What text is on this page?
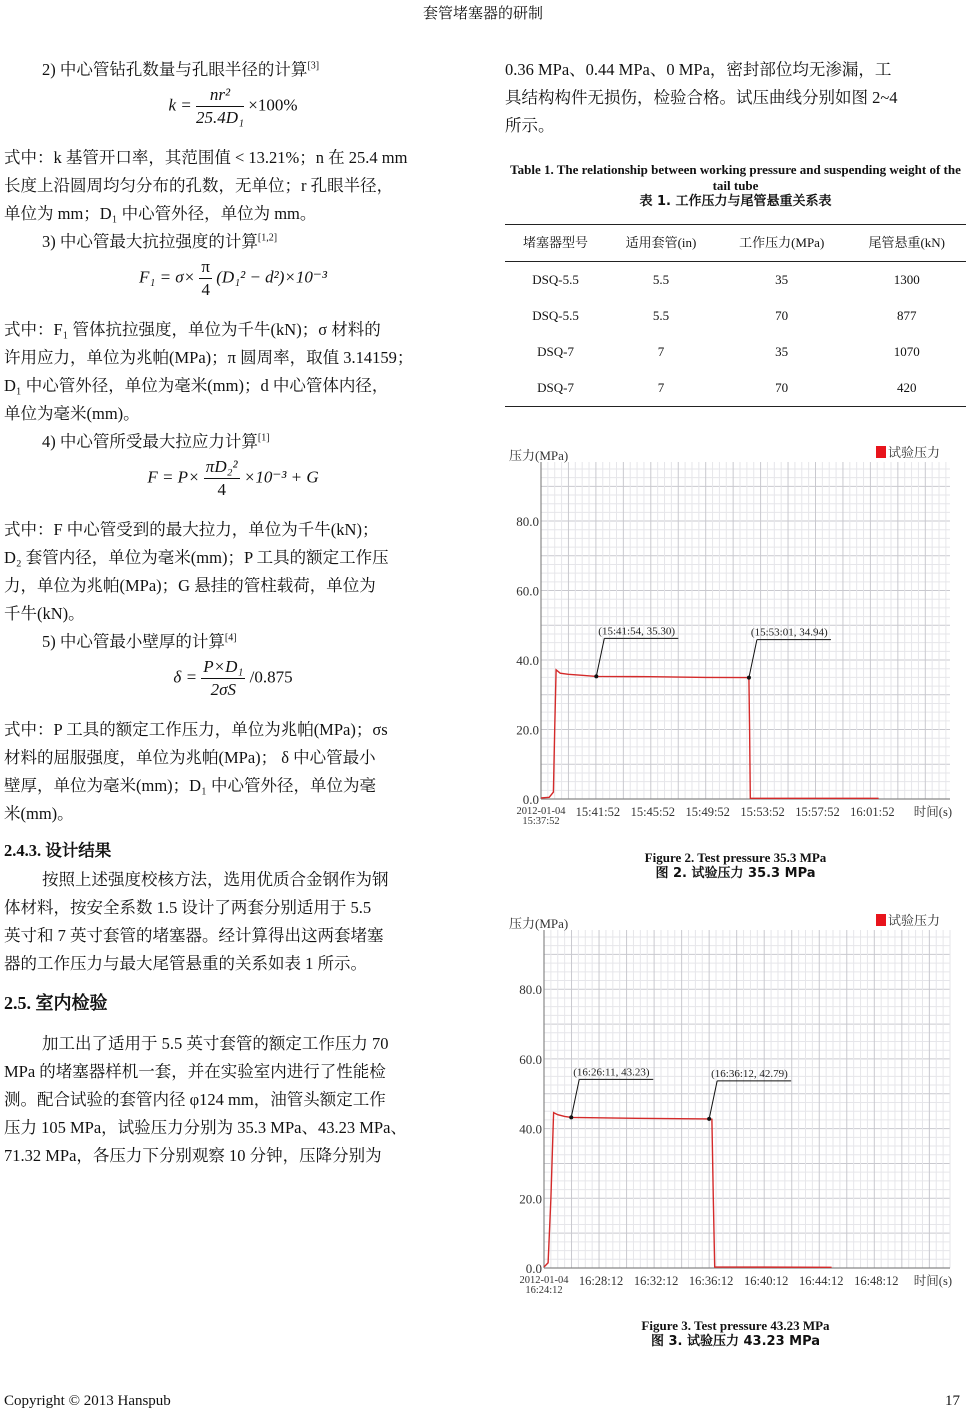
套管堵塞器的研制

2) 中心管钻孔数量与孔眼半径的计算[3]

$k = \frac{\text{nr²}}{\text{25.4D₁}} \times 100\%$

式中：k 基管开口率，其范围值 < 13.21%；n 在 25.4 mm

长度上沿圆周均匀分布的孔数，无单位；r 孔眼半径，

单位为 mm；D₁ 中心管外径，单位为 mm。

3) 中心管最大抗拉强度的计算[1,2]

$F_1 = \sigma\times \frac{\pi}{4} (D_1^2 - d^2)\times 10^{-3}$

式中：F₁ 管体抗拉强度，单位为千牛(kN)；σ 材料的

许用应力，单位为兆帕(MPa)；π 圆周率，取值 3.14159；

D₁ 中心管外径，单位为毫米(mm)；d 中心管体内径，

单位为毫米(mm)。

4) 中心管所受最大拉应力计算[1]

$F = P\times \frac{\text{πD₂²}}{4} \times 10^{-3} + G$

式中：F 中心管受到的最大拉力，单位为千牛(kN)；

D₂ 套管内径，单位为毫米(mm)；P 工具的额定工作压

力，单位为兆帕(MPa)；G 悬挂的管柱载荷，单位为

千牛(kN)。

5) 中心管最小壁厚的计算[4]

$\delta = \frac{\text{P×D₁}}{2\sigma S} /0.875$

式中：P 工具的额定工作压力，单位为兆帕(MPa)；σs

材料的屈服强度，单位为兆帕(MPa)； δ 中心管最小

壁厚，单位为毫米(mm)；D₁ 中心管外径，单位为毫

米(mm)。

2.4.3. 设计结果

按照上述强度校核方法，选用优质合金钢作为钢

体材料，按安全系数 1.5 设计了两套分别适用于 5.5

英寸和 7 英寸套管的堵塞器。经计算得出这两套堵塞

器的工作压力与最大尾管悬重的关系如表 1 所示。

2.5. 室内检验

加工出了适用于 5.5 英寸套管的额定工作压力 70

MPa 的堵塞器样机一套，并在实验室内进行了性能检

测。配合试验的套管内径 φ124 mm，油管头额定工作

压力 105 MPa，试验压力分别为 35.3 MPa、43.23 MPa、

71.32 MPa，各压力下分别观察 10 分钟，压降分别为

0.36 MPa、0.44 MPa、0 MPa，密封部位均无渗漏，工

具结构构件无损伤，检验合格。试压曲线分别如图 2~4

所示。

Table 1. The relationship between working pressure and suspending weight of the tail tube
表 1. 工作压力与尾管悬重关系表
堵塞器型号	适用套管(in)	工作压力(MPa)	尾管悬重(kN)
DSQ-5.5	5.5	35	1300
DSQ-5.5	5.5	70	877
DSQ-7	7	35	1070
DSQ-7	7	70	420
压力(MPa)
0.0
20.0
40.0
60.0
80.0
2012-01-04
15:37:52
15:41:52 15:45:52 15:49:52 15:53:52 15:57:52 16:01:52 时间(s)
试验压力
(15:41:54, 35.30)	(15:53:01, 34.94)
Figure 2. Test pressure 35.3 MPa
图 2. 试验压力 35.3 MPa
压力(MPa)
0.0
20.0
40.0
60.0
80.0
2012-01-04
16:24:12
16:28:12 16:32:12 16:36:12 16:40:12 16:44:12 16:48:12 时间(s)
试验压力
(16:26:11, 43.23)	(16:36:12, 42.79)
Figure 3. Test pressure 43.23 MPa
图 3. 试验压力 43.23 MPa
Copyright © 2013 Hanspub	17
